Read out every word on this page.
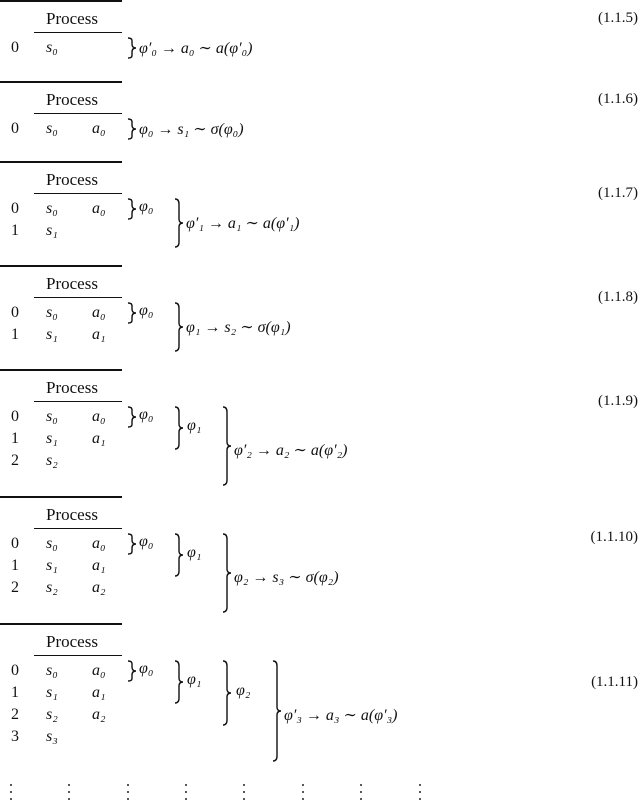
Process
0 s₀	φ′₀ → a₀ ∼ a(φ′₀)
(1.1.5)
Process
0 s₀ a₀ φ₀ → s₁ ∼ σ(φ₀)
(1.1.6)
Process
0 s₀ a₀
1 s₁
φ₀
φ′₁ → a₁ ∼ a(φ′₁)
(1.1.7)
Process
0 s₀ a₀
1 s₁ a₁
φ₀
φ₁ → s₂ ∼ σ(φ₁)
(1.1.8)
Process
0 s₀ a₀
1 s₁ a₁
2 s₂
φ₀
φ₁
φ′₂ → a₂ ∼ a(φ′₂)
(1.1.9)
Process
0 s₀ a₀
1 s₁ a₁
2 s₂ a₂
φ₀
φ₁
φ₂ → s₃ ∼ σ(φ₂)
(1.1.10)
Process
0 s₀ a₀
1 s₁ a₁
2 s₂ a₂
3 s₃
φ₀
φ₁
φ₂
φ′₃ → a₃ ∼ a(φ′₃)
(1.1.11)
